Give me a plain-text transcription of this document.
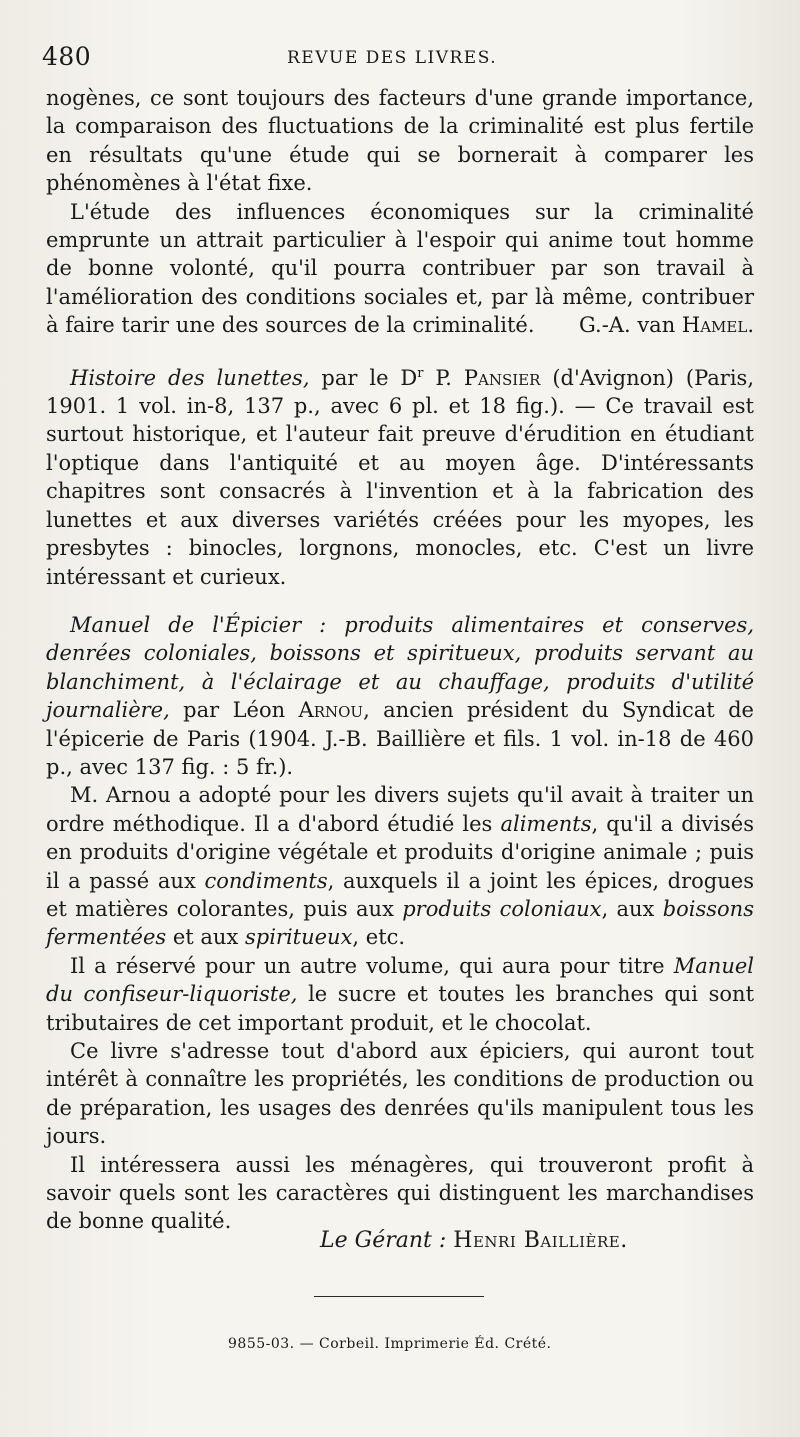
480	REVUE DES LIVRES.

nogènes, ce sont toujours des facteurs d'une grande importance, la comparaison des fluctuations de la criminalité est plus fertile en résultats qu'une étude qui se bornerait à comparer les phénomènes à l'état fixe.

L'étude des influences économiques sur la criminalité emprunte un attrait particulier à l'espoir qui anime tout homme de bonne volonté, qu'il pourra contribuer par son travail à l'amélioration des conditions sociales et, par là même, contribuer à faire tarir une des sources de la criminalité.	G.-A. van Hamel.

Histoire des lunettes, par le $D^r$ P. Pansier (d'Avignon) (Paris, 1901. 1 vol. in-8, 137 p., avec 6 pl. et 18 fig.). — Ce travail est surtout historique, et l'auteur fait preuve d'érudition en étudiant l'optique dans l'antiquité et au moyen âge. D'intéressants chapitres sont consacrés à l'invention et à la fabrication des lunettes et aux diverses variétés créées pour les myopes, les presbytes : binocles, lorgnons, monocles, etc. C'est un livre intéressant et curieux.

Manuel de l'Épicier : produits alimentaires et conserves, denrées coloniales, boissons et spiritueux, produits servant au blanchiment, à l'éclairage et au chauffage, produits d'utilité journalière, par Léon Arnou, ancien président du Syndicat de l'épicerie de Paris (1904. J.-B. Baillière et fils. 1 vol. in-18 de 460 p., avec 137 fig. : 5 fr.).

M. Arnou a adopté pour les divers sujets qu'il avait à traiter un ordre méthodique. Il a d'abord étudié les aliments, qu'il a divisés en produits d'origine végétale et produits d'origine animale ; puis il a passé aux condiments, auxquels il a joint les épices, drogues et matières colorantes, puis aux produits coloniaux, aux boissons fermentées et aux spiritueux, etc.

Il a réservé pour un autre volume, qui aura pour titre Manuel du confiseur-liquoriste, le sucre et toutes les branches qui sont tributaires de cet important produit, et le chocolat.

Ce livre s'adresse tout d'abord aux épiciers, qui auront tout intérêt à connaître les propriétés, les conditions de production ou de préparation, les usages des denrées qu'ils manipulent tous les jours.

Il intéressera aussi les ménagères, qui trouveront profit à savoir quels sont les caractères qui distinguent les marchandises de bonne qualité.

Le Gérant : Henri Baillière.
9855-03. — Corbeil. Imprimerie Éd. Crété.
